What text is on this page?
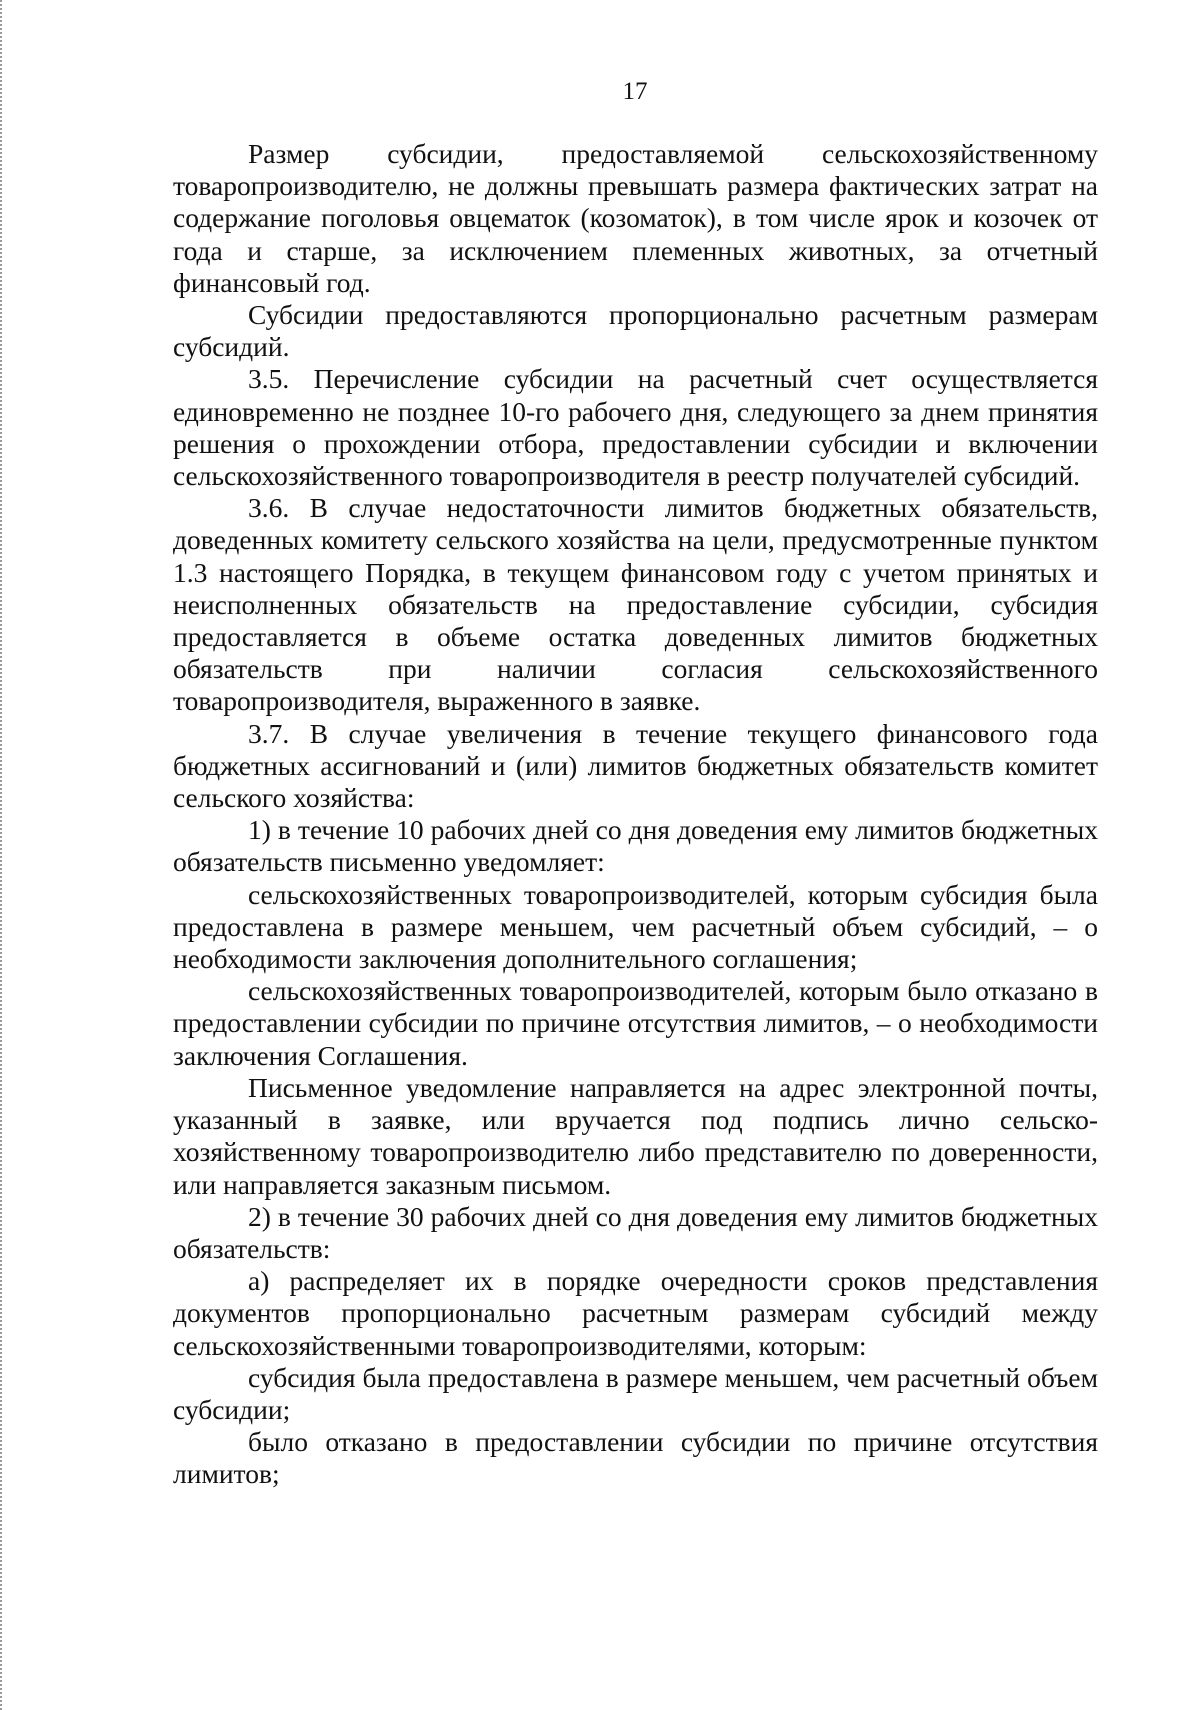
17

Размер субсидии, предоставляемой сельскохозяйственному товаропроизводителю, не должны превышать размера фактических затрат на содержание поголовья овцематок (козоматок), в том числе ярок и козочек от года и старше, за исключением племенных животных, за отчетный финансовый год.

Субсидии предоставляются пропорционально расчетным размерам субсидий.

3.5. Перечисление субсидии на расчетный счет осуществляется единовременно не позднее 10-го рабочего дня, следующего за днем принятия решения о прохождении отбора, предоставлении субсидии и включении сельскохозяйственного товаропроизводителя в реестр получателей субсидий.

3.6. В случае недостаточности лимитов бюджетных обязательств, доведенных комитету сельского хозяйства на цели, предусмотренные пунктом 1.3 настоящего Порядка, в текущем финансовом году с учетом принятых и неисполненных обязательств на предоставление субсидии, субсидия предоставляется в объеме остатка доведенных лимитов бюджетных обязательств при наличии согласия сельскохозяйственного товаропроизводителя, выраженного в заявке.

3.7. В случае увеличения в течение текущего финансового года бюджетных ассигнований и (или) лимитов бюджетных обязательств комитет сельского хозяйства:

1) в течение 10 рабочих дней со дня доведения ему лимитов бюджетных обязательств письменно уведомляет:

сельскохозяйственных товаропроизводителей, которым субсидия была предоставлена в размере меньшем, чем расчетный объем субсидий, – о необходимости заключения дополнительного соглашения;

сельскохозяйственных товаропроизводителей, которым было отказано в предоставлении субсидии по причине отсутствия лимитов, – о необходимости заключения Соглашения.

Письменное уведомление направляется на адрес электронной почты, указанный в заявке, или вручается под подпись лично сельско-хозяйственному товаропроизводителю либо представителю по доверенности, или направляется заказным письмом.

2) в течение 30 рабочих дней со дня доведения ему лимитов бюджетных обязательств:

а) распределяет их в порядке очередности сроков представления документов пропорционально расчетным размерам субсидий между сельскохозяйственными товаропроизводителями, которым:

субсидия была предоставлена в размере меньшем, чем расчетный объем субсидии;

было отказано в предоставлении субсидии по причине отсутствия лимитов;
